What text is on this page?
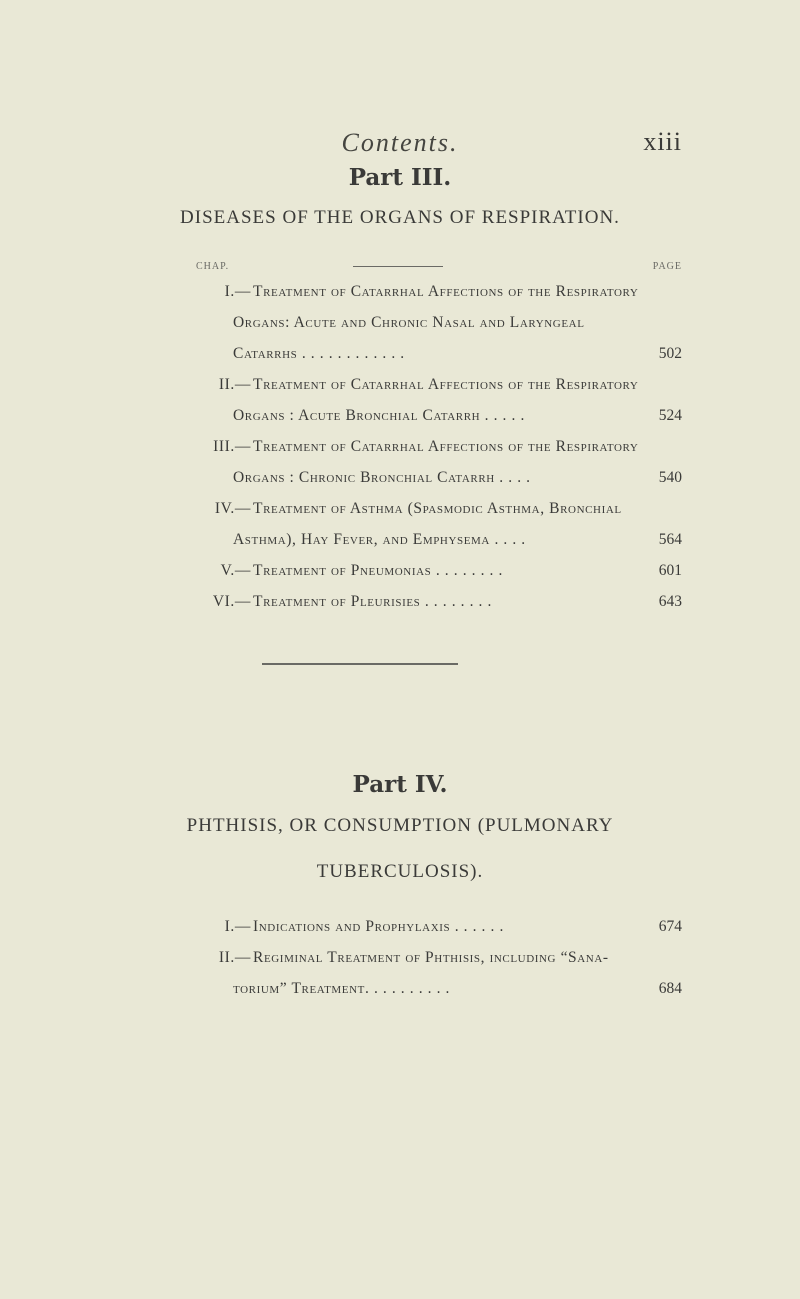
Contents.	xiii
Part III.
DISEASES OF THE ORGANS OF RESPIRATION.
CHAP.	PAGE
I.— Treatment of Catarrhal Affections of the Respiratory
Organs: Acute and Chronic Nasal and Laryngeal
Catarrhs . . . . . . . . . . . .	502
II.— Treatment of Catarrhal Affections of the Respiratory
Organs : Acute Bronchial Catarrh . . . . .	524
III.— Treatment of Catarrhal Affections of the Respiratory
Organs : Chronic Bronchial Catarrh . . . .	540
IV.— Treatment of Asthma (Spasmodic Asthma, Bronchial
Asthma), Hay Fever, and Emphysema . . . .	564
V.— Treatment of Pneumonias . . . . . . . .	601
VI.— Treatment of Pleurisies . . . . . . . .	643
Part IV.
PHTHISIS, OR CONSUMPTION (PULMONARY
TUBERCULOSIS).
I.— Indications and Prophylaxis . . . . . .	674
II.— Regiminal Treatment of Phthisis, including “Sana-
torium” Treatment. . . . . . . . . .	684
